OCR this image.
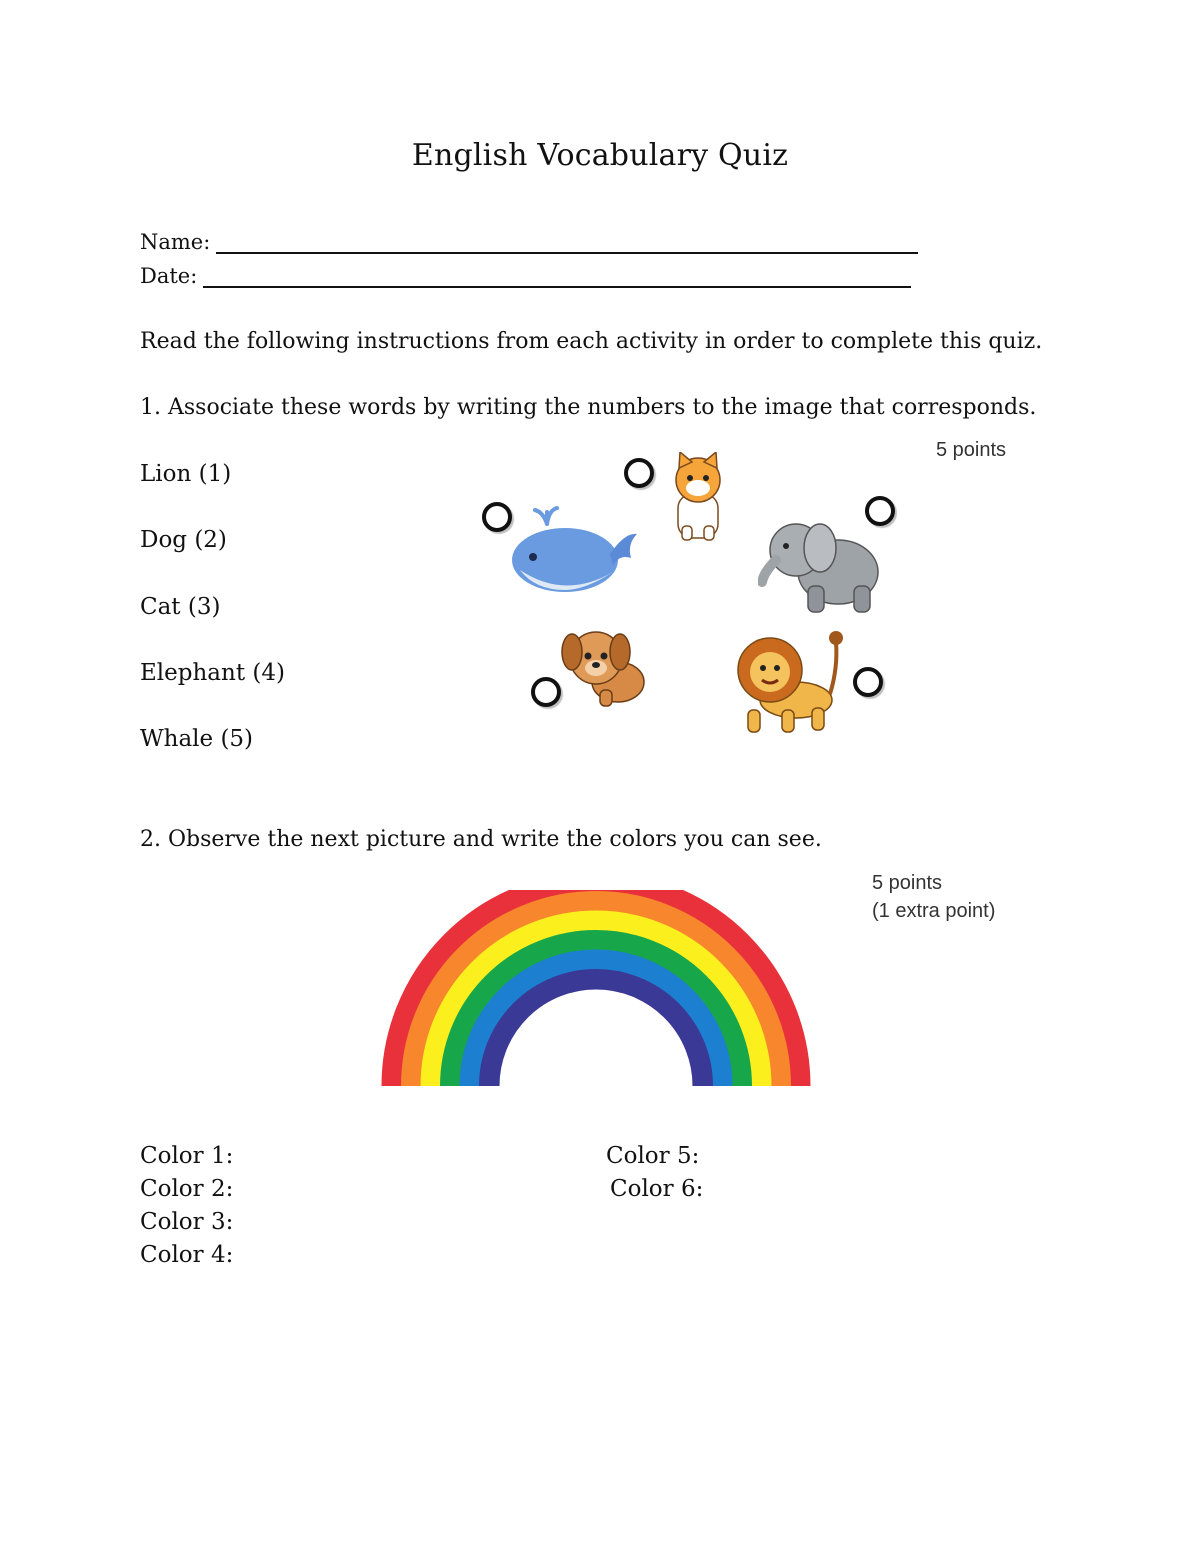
English Vocabulary Quiz
Name:
Date:
Read the following instructions from each activity in order to complete this quiz.
1. Associate these words by writing the numbers to the image that corresponds.
5 points
Lion (1)
Dog (2)
Cat (3)
Elephant (4)
Whale (5)
2. Observe the next picture and write the colors you can see.
5 points
(1 extra point)
Color 1:
Color 2:
Color 3:
Color 4:
Color 5:
Color 6:
